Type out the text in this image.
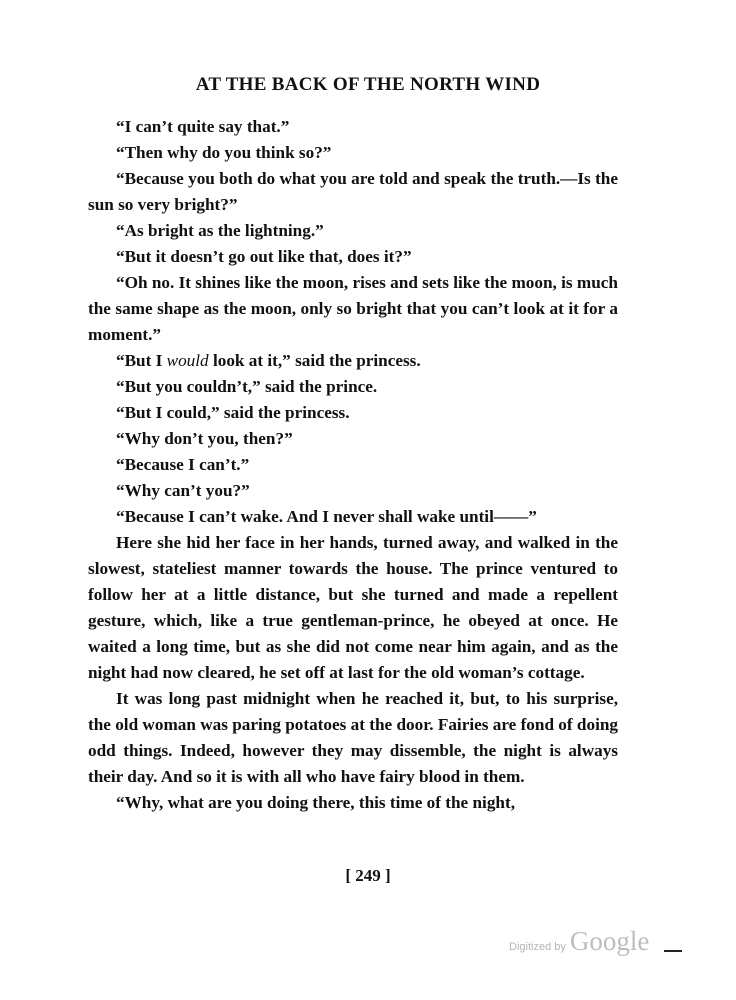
AT THE BACK OF THE NORTH WIND

“I can’t quite say that.”

“Then why do you think so?”

“Because you both do what you are told and speak the truth.—Is the sun so very bright?”

“As bright as the lightning.”

“But it doesn’t go out like that, does it?”

“Oh no. It shines like the moon, rises and sets like the moon, is much the same shape as the moon, only so bright that you can’t look at it for a moment.”

“But I would look at it,” said the princess.

“But you couldn’t,” said the prince.

“But I could,” said the princess.

“Why don’t you, then?”

“Because I can’t.”

“Why can’t you?”

“Because I can’t wake. And I never shall wake until——”

Here she hid her face in her hands, turned away, and walked in the slowest, stateliest manner towards the house. The prince ventured to follow her at a little distance, but she turned and made a repellent gesture, which, like a true gentleman-prince, he obeyed at once. He waited a long time, but as she did not come near him again, and as the night had now cleared, he set off at last for the old woman’s cottage.

It was long past midnight when he reached it, but, to his surprise, the old woman was paring potatoes at the door. Fairies are fond of doing odd things. Indeed, however they may dissemble, the night is always their day. And so it is with all who have fairy blood in them.

“Why, what are you doing there, this time of the night,

[ 249 ]
Digitized by Google
